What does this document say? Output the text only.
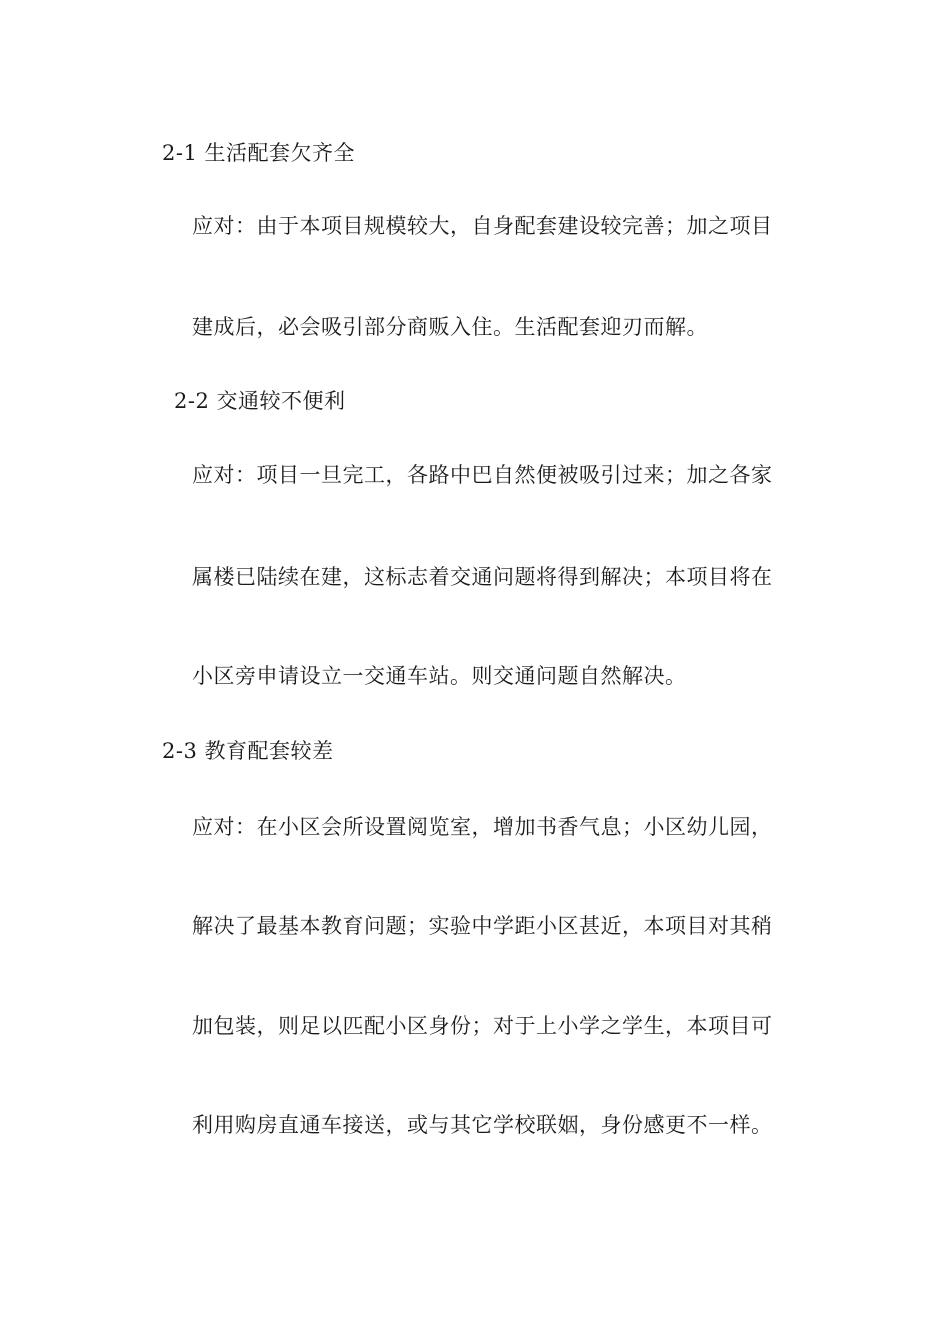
2-1 生活配套欠齐全
应对：由于本项目规模较大，自身配套建设较完善；加之项目
建成后，必会吸引部分商贩入住。生活配套迎刃而解。
2-2 交通较不便利
应对：项目一旦完工，各路中巴自然便被吸引过来；加之各家
属楼已陆续在建，这标志着交通问题将得到解决；本项目将在
小区旁申请设立一交通车站。则交通问题自然解决。
2-3 教育配套较差
应对：在小区会所设置阅览室，增加书香气息；小区幼儿园，
解决了最基本教育问题；实验中学距小区甚近，本项目对其稍
加包装，则足以匹配小区身份；对于上小学之学生，本项目可
利用购房直通车接送，或与其它学校联姻，身份感更不一样。
